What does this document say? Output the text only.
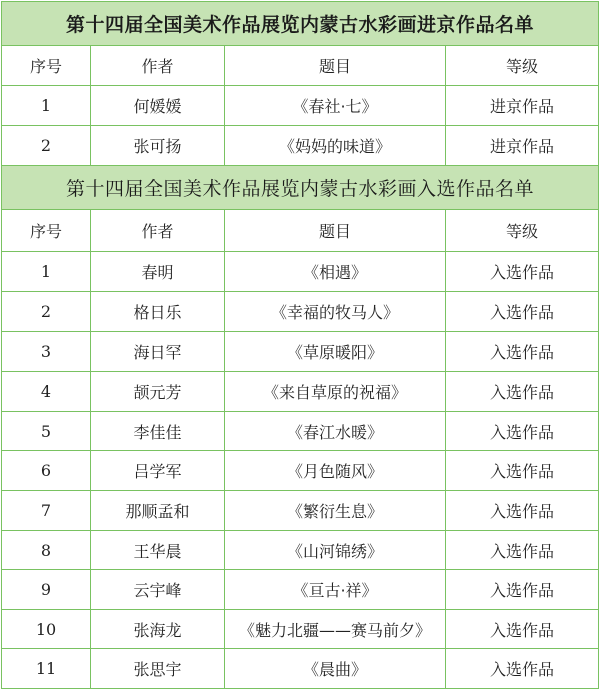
第十四届全国美术作品展览内蒙古水彩画进京作品名单			
序号	作者	题目	等级
1	何媛媛	《春社·七》	进京作品
2	张可扬	《妈妈的味道》	进京作品
第十四届全国美术作品展览内蒙古水彩画入选作品名单			
序号	作者	题目	等级
1	春明	《相遇》	入选作品
2	格日乐	《幸福的牧马人》	入选作品
3	海日罕	《草原暖阳》	入选作品
4	颉元芳	《来自草原的祝福》	入选作品
5	李佳佳	《春江水暖》	入选作品
6	吕学军	《月色随风》	入选作品
7	那顺孟和	《繁衍生息》	入选作品
8	王华晨	《山河锦绣》	入选作品
9	云宇峰	《亘古·祥》	入选作品
10	张海龙	《魅力北疆——赛马前夕》	入选作品
11	张思宇	《晨曲》	入选作品
